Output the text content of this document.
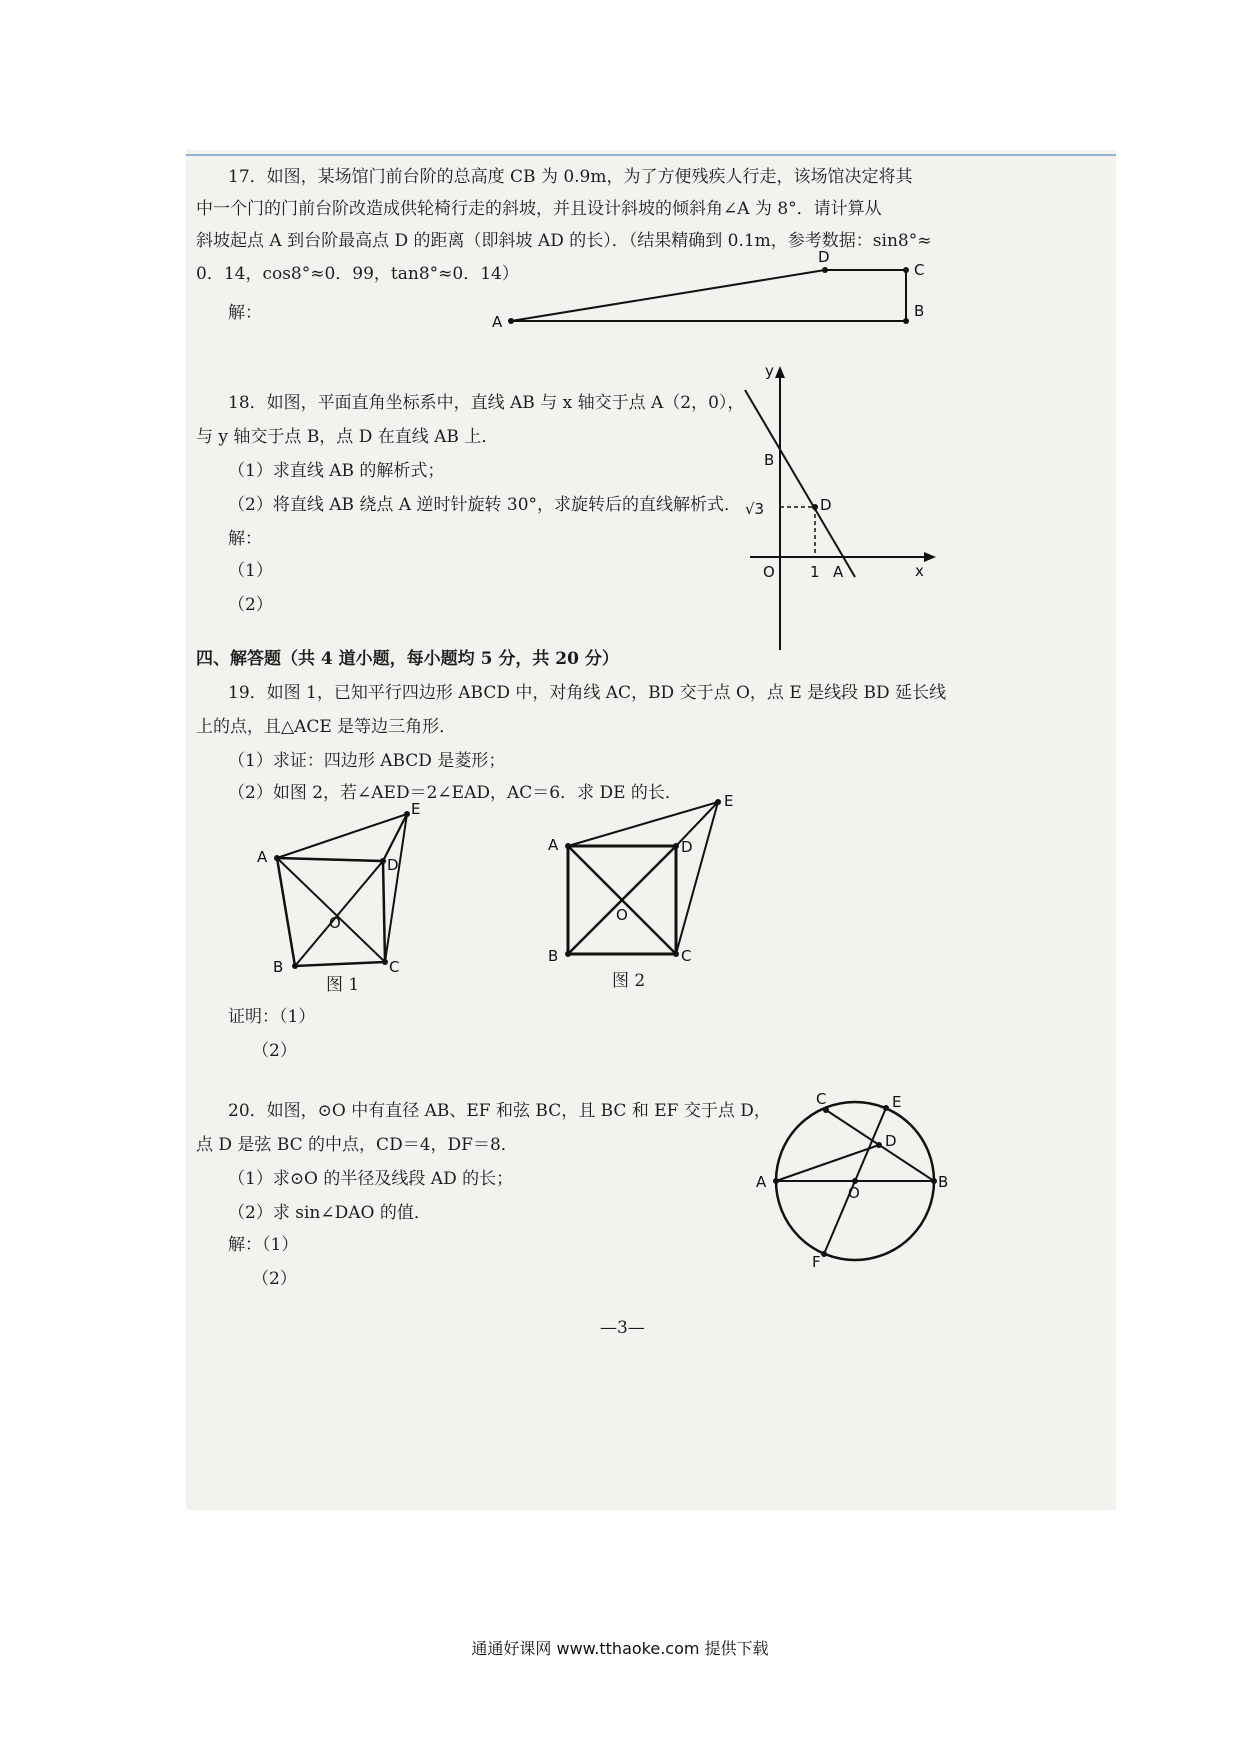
17．如图，某场馆门前台阶的总高度 CB 为 0.9m，为了方便残疾人行走，该场馆决定将其
中一个门的门前台阶改造成供轮椅行走的斜坡，并且设计斜坡的倾斜角∠A 为 8°．请计算从
斜坡起点 A 到台阶最高点 D 的距离（即斜坡 AD 的长）．（结果精确到 0.1m，参考数据：sin8°≈
0．14，cos8°≈0．99，tan8°≈0．14）
解：	A
D
C
B
18．如图，平面直角坐标系中，直线 AB 与 x 轴交于点 A（2，0），
与 y 轴交于点 B，点 D 在直线 AB 上．
（1）求直线 AB 的解析式；
（2）将直线 AB 绕点 A 逆时针旋转 30°，求旋转后的直线解析式．
解：
（1）
（2）
y
x
B
D
√3
O 1 A
四、解答题（共 4 道小题，每小题均 5 分，共 20 分）
19．如图 1，已知平行四边形 ABCD 中，对角线 AC，BD 交于点 O，点 E 是线段 BD 延长线
上的点，且△ACE 是等边三角形．
（1）求证：四边形 ABCD 是菱形；
（2）如图 2，若∠AED＝2∠EAD，AC＝6．求 DE 的长．
A	D
E
O
B	C
图 1
A	D
E
O
B	C
图 2
证明：（1）
（2）
20．如图，⊙O 中有直径 AB、EF 和弦 BC，且 BC 和 EF 交于点 D，
点 D 是弦 BC 的中点，CD＝4，DF＝8．
（1）求⊙O 的半径及线段 AD 的长；
（2）求 sin∠DAO 的值．
解：（1）
（2）
A	B
O
D
C	E
F
—3—
通通好课网 www.tthaoke.com 提供下载
